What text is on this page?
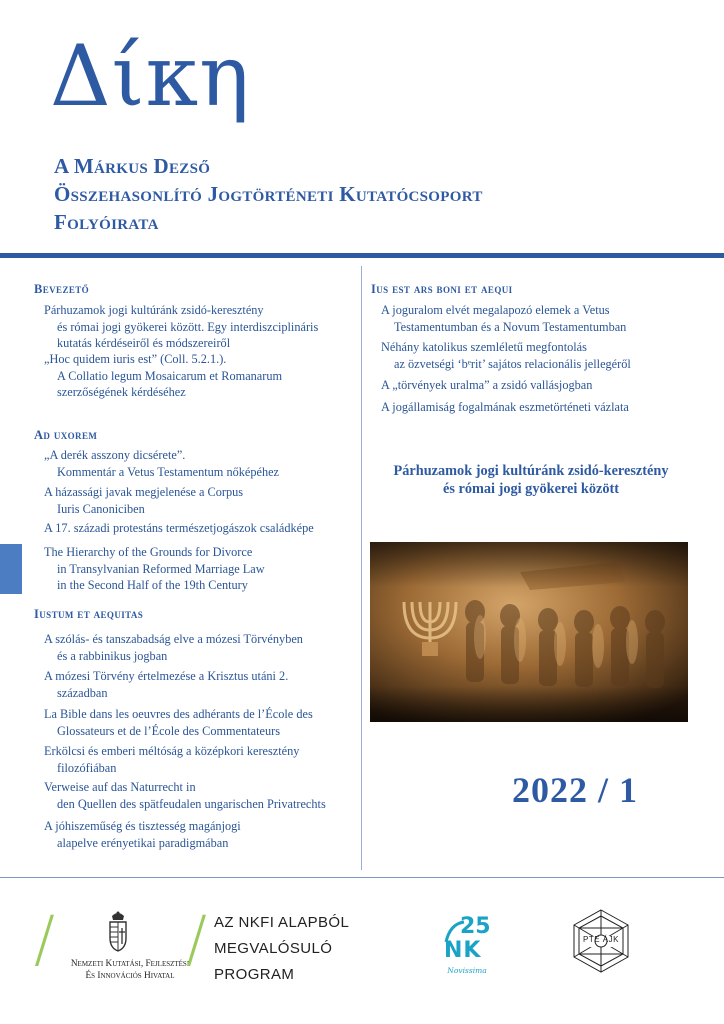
Δίκη
A Márkus Dezső
Összehasonlító Jogtörténeti Kutatócsoport
Folyóirata
Bevezető
Párhuzamok jogi kultúránk zsidó-keresztény
és római jogi gyökerei között. Egy interdiszciplináris
kutatás kérdéseiről és módszereiről
„Hoc quidem iuris est” (Coll. 5.2.1.).
A Collatio legum Mosaicarum et Romanarum
szerzőségének kérdéséhez
Ad uxorem
„A derék asszony dicsérete”.
Kommentár a Vetus Testamentum nőképéhez
A házassági javak megjelenése a Corpus
Iuris Canoniciben
A 17. századi protestáns természetjogászok családképe
The Hierarchy of the Grounds for Divorce
in Transylvanian Reformed Marriage Law
in the Second Half of the 19th Century
Iustum et aequitas
A szólás- és tanszabadság elve a mózesi Törvényben
és a rabbinikus jogban
A mózesi Törvény értelmezése a Krisztus utáni 2.
században
La Bible dans les oeuvres des adhérants de l’École des
Glossateurs et de l’École des Commentateurs
Erkölcsi és emberi méltóság a középkori keresztény
filozófiában
Verweise auf das Naturrecht in
den Quellen des spätfeudalen ungarischen Privatrechts
A jóhiszeműség és tisztesség magánjogi
alapelve erényetikai paradigmában
Ius est ars boni et aequi
A joguralom elvét megalapozó elemek a Vetus
Testamentumban és a Novum Testamentumban
Néhány katolikus szemléletű megfontolás
az özvetségi ‘bᵉrit’ sajátos relacionális jellegéről
A „törvények uralma” a zsidó vallásjogban
A jogállamiság fogalmának eszmetörténeti vázlata
Párhuzamok jogi kultúránk zsidó-keresztény
és római jogi gyökerei között
2022 / 1
/	Nemzeti Kutatási, Fejlesztési
És Innovációs Hivatal
/ AZ NKFI ALAPBÓL
MEGVALÓSULÓ
PROGRAM
25
NK
Novissima
PTE ÁJK
